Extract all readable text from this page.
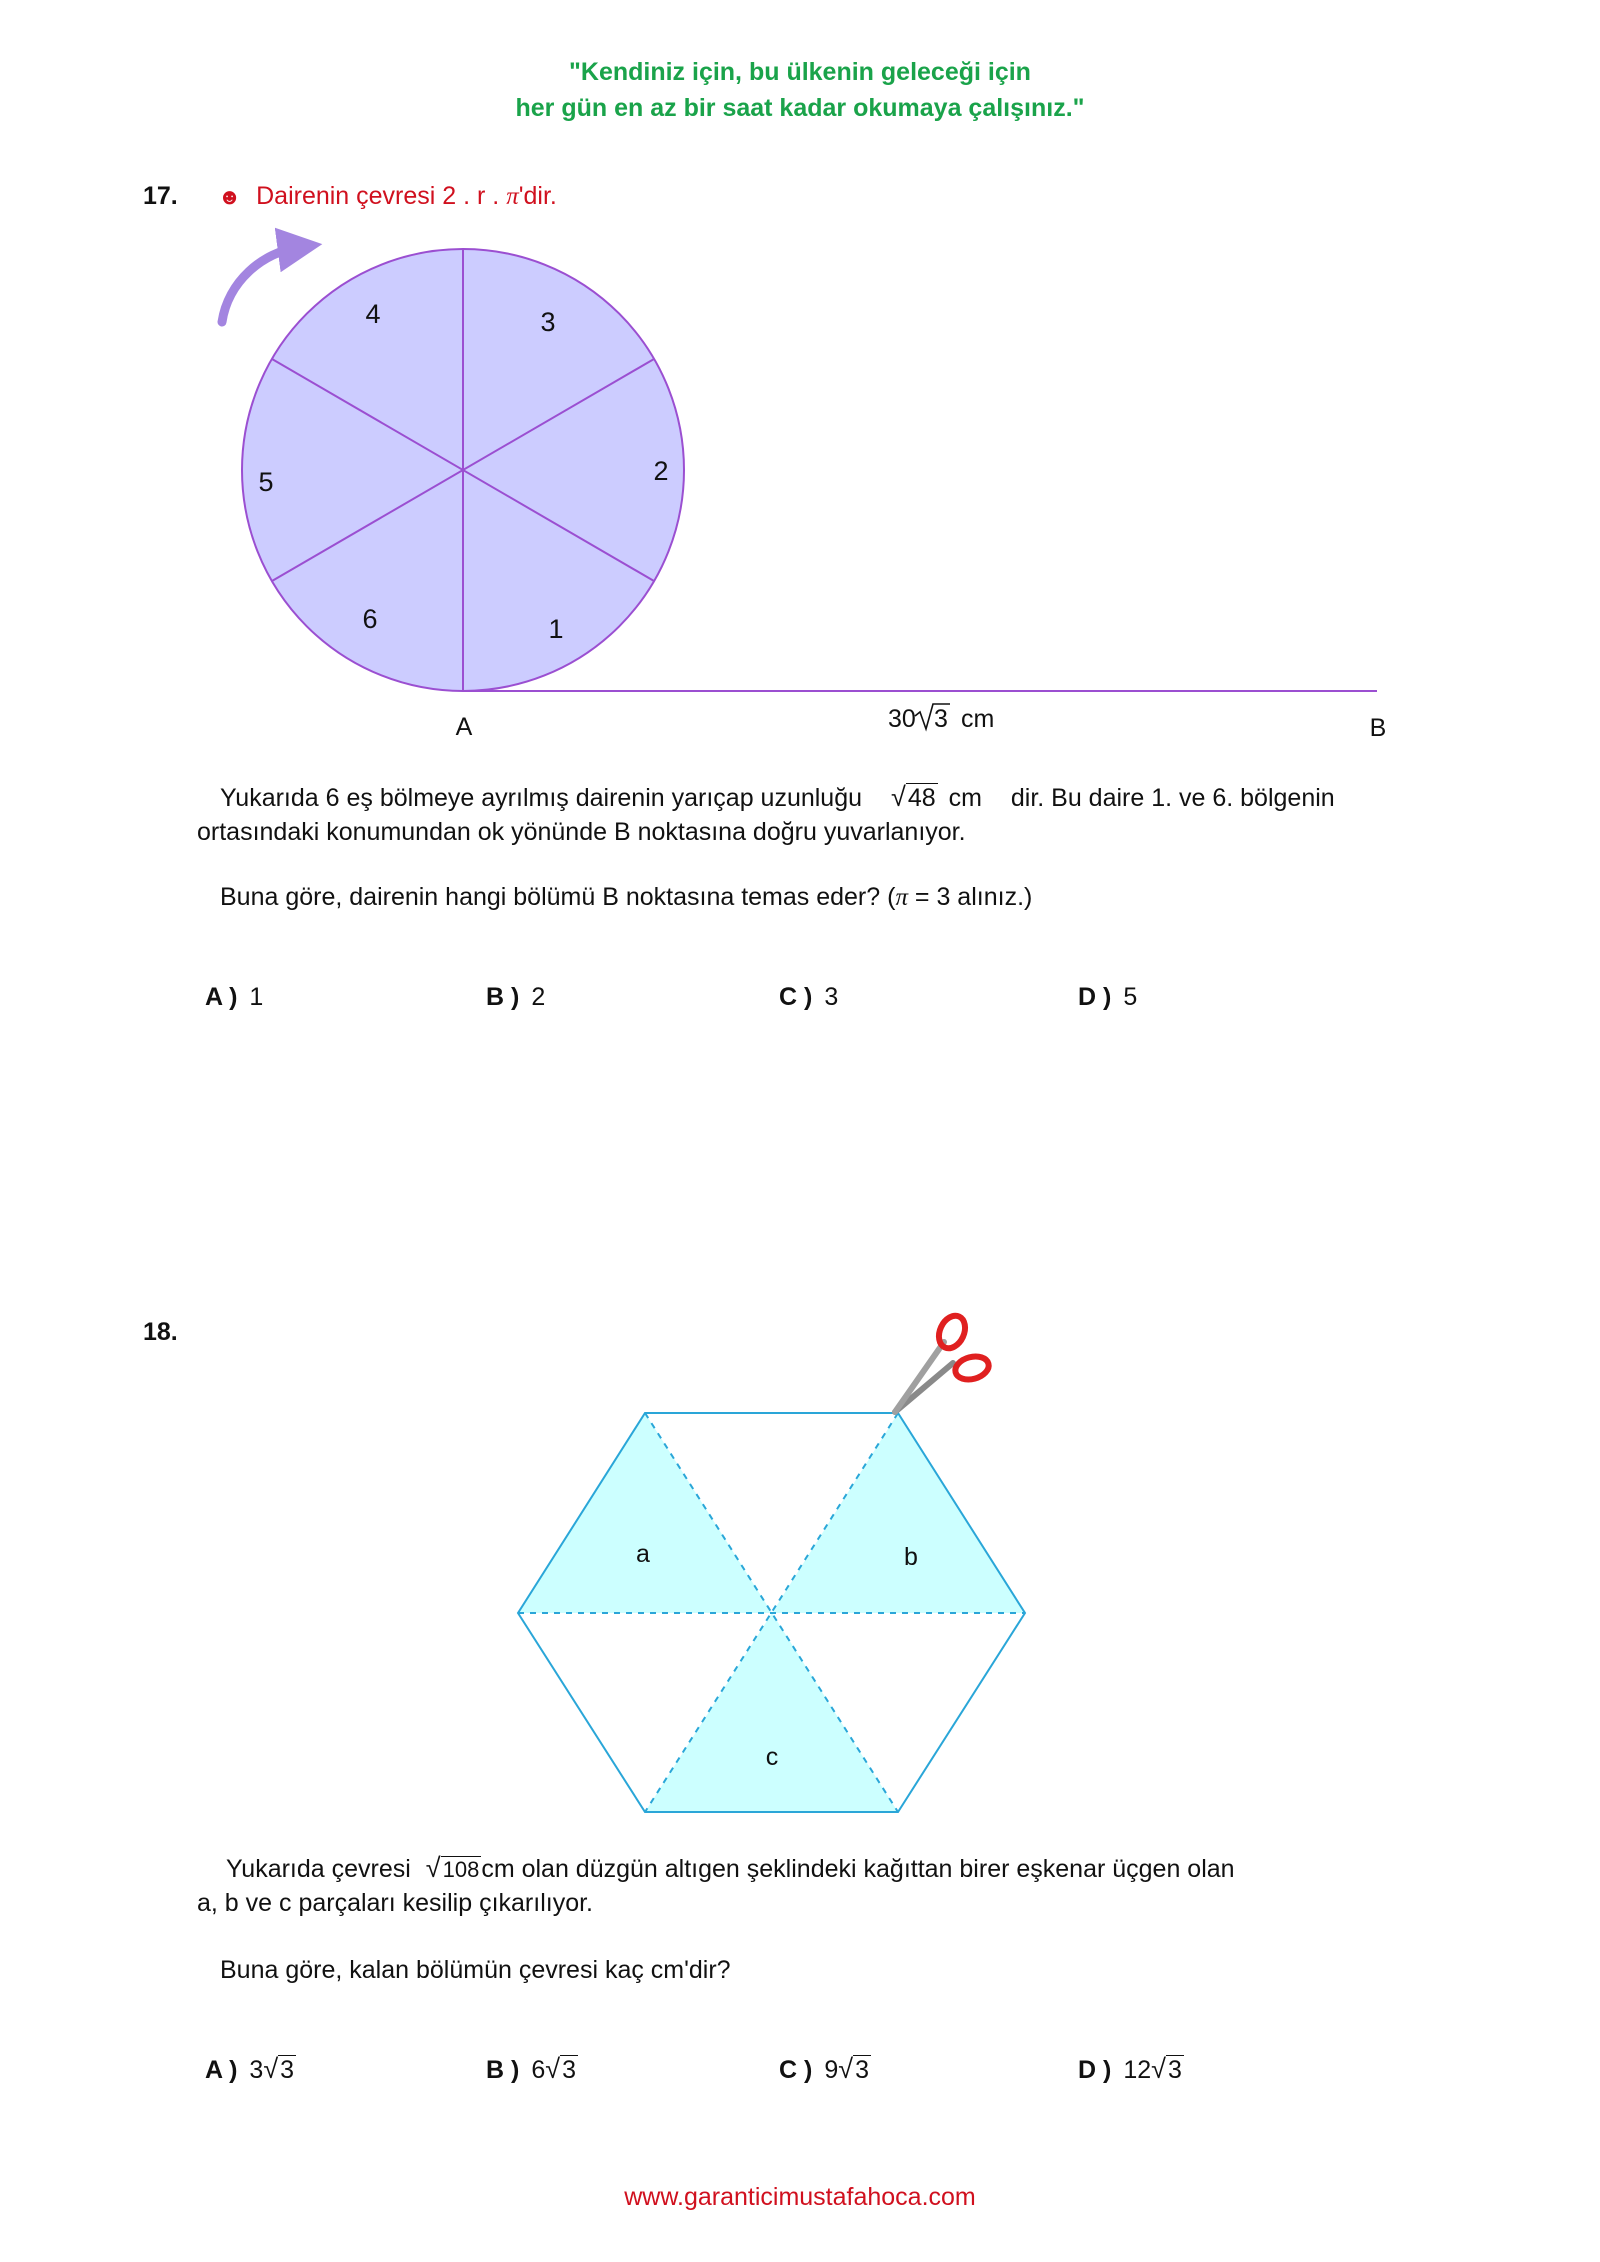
"Kendiniz için, bu ülkenin geleceği için
her gün en az bir saat kadar okumaya çalışınız."
17. ☻ Dairenin çevresi 2 . r . π'dir.
1
2
3
4
5
6
A	B
30 3 cm
Yukarıda 6 eş bölmeye ayrılmış dairenin yarıçap uzunluğu √48 cm dir. Bu daire 1. ve 6. bölgenin
ortasındaki konumundan ok yönünde B noktasına doğru yuvarlanıyor.
Buna göre, dairenin hangi bölümü B noktasına temas eder? (π = 3 alınız.)
A ) 1	B ) 2	C ) 3	D ) 5
18.
a	b
c
Yukarıda çevresi √108cm olan düzgün altıgen şeklindeki kağıttan birer eşkenar üçgen olan
a, b ve c parçaları kesilip çıkarılıyor.
Buna göre, kalan bölümün çevresi kaç cm'dir?
A ) 3√3	B ) 6√3	C ) 9√3	D ) 12√3
www.garanticimustafahoca.com
